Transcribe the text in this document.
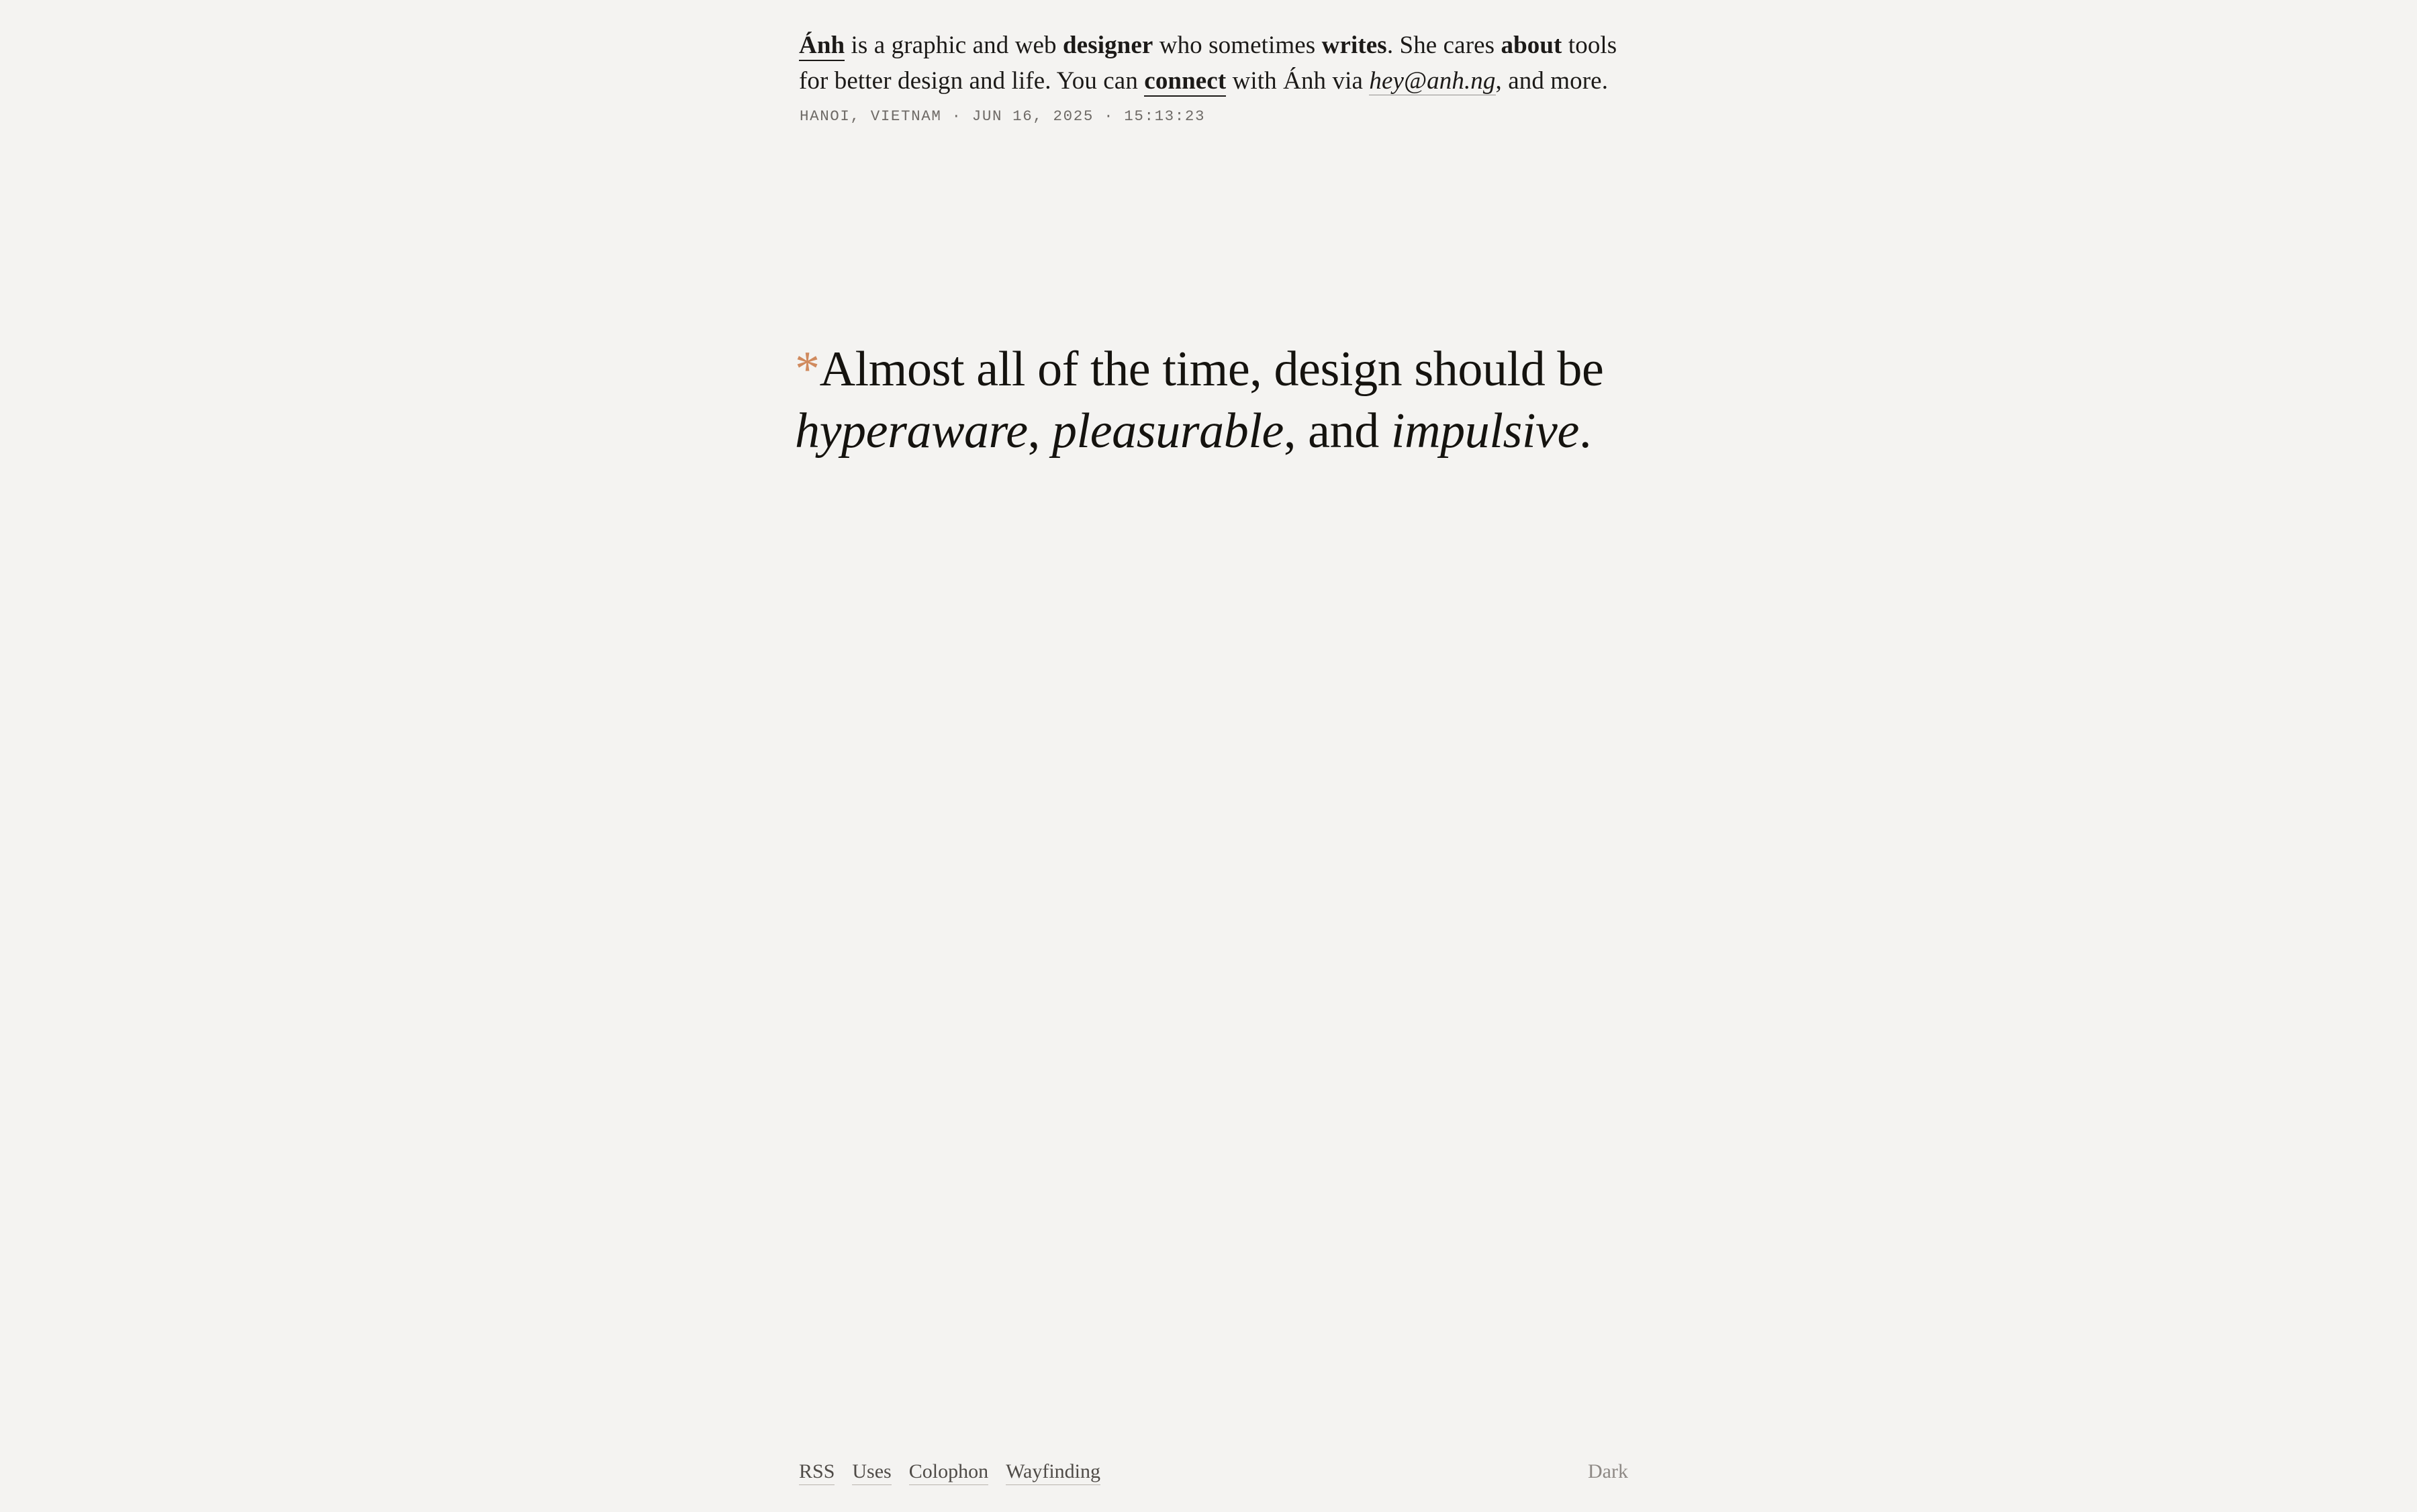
Ánh is a graphic and web designer who sometimes writes. She cares about tools for better design and life. You can connect with Ánh via hey@anh.ng, and more.

HANOI, VIETNAM · JUN 16, 2025 · 15:13:23

*Almost all of the time, design should be hyperaware, pleasurable, and impulsive.

RSS Uses Colophon Wayfinding	Dark
